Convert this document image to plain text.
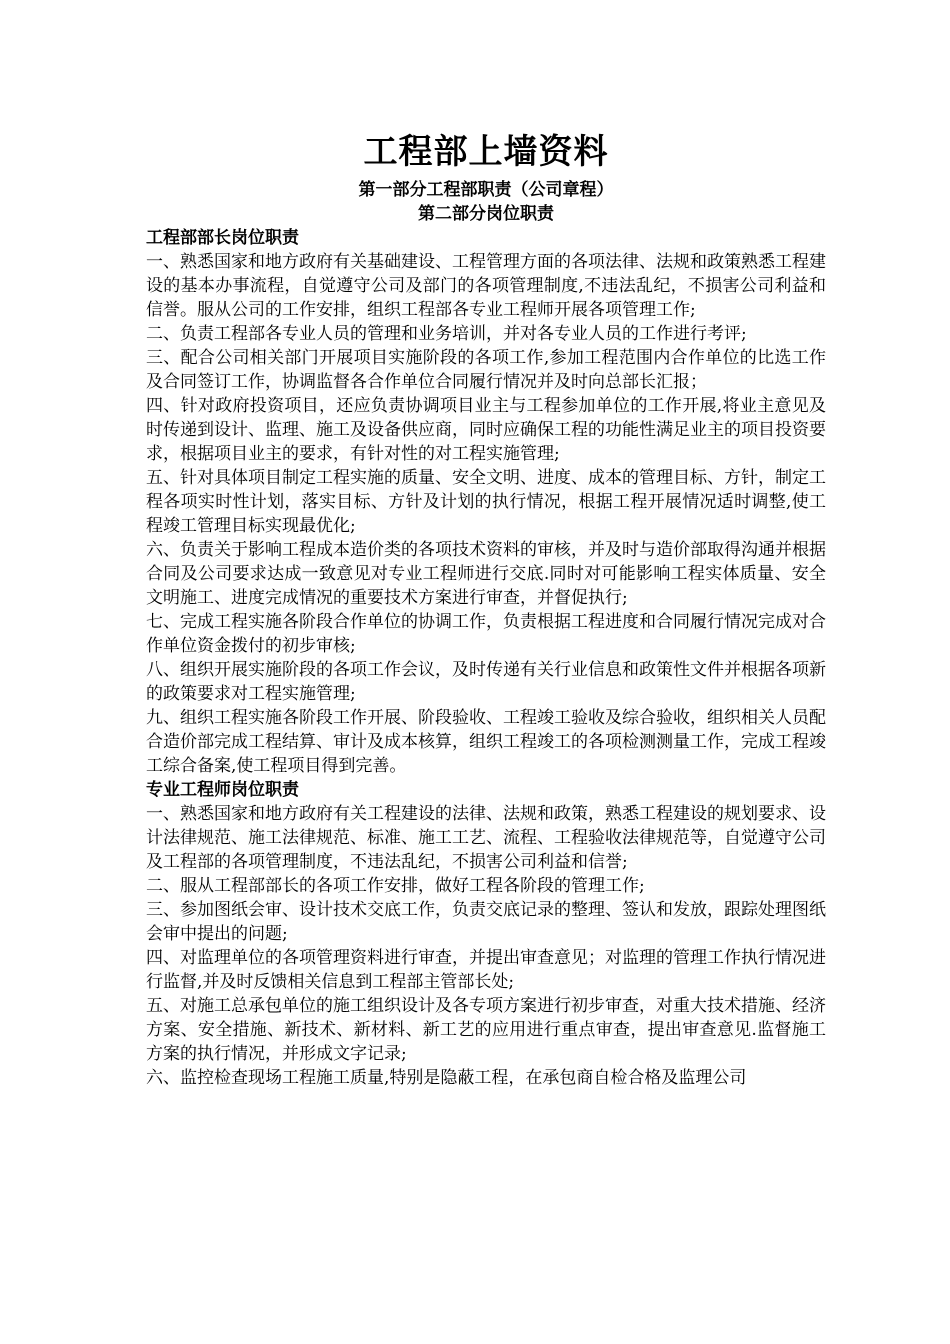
工程部上墙资料
第一部分工程部职责（公司章程）
第二部分岗位职责
工程部部长岗位职责

一、熟悉国家和地方政府有关基础建设、工程管理方面的各项法律、法规和政策熟悉工程建设的基本办事流程，自觉遵守公司及部门的各项管理制度,不违法乱纪，不损害公司利益和信誉。服从公司的工作安排，组织工程部各专业工程师开展各项管理工作;

二、负责工程部各专业人员的管理和业务培训，并对各专业人员的工作进行考评;

三、配合公司相关部门开展项目实施阶段的各项工作,参加工程范围内合作单位的比选工作及合同签订工作，协调监督各合作单位合同履行情况并及时向总部长汇报；

四、针对政府投资项目，还应负责协调项目业主与工程参加单位的工作开展,将业主意见及时传递到设计、监理、施工及设备供应商，同时应确保工程的功能性满足业主的项目投资要求，根据项目业主的要求，有针对性的对工程实施管理;

五、针对具体项目制定工程实施的质量、安全文明、进度、成本的管理目标、方针，制定工程各项实时性计划，落实目标、方针及计划的执行情况，根据工程开展情况适时调整,使工程竣工管理目标实现最优化;

六、负责关于影响工程成本造价类的各项技术资料的审核，并及时与造价部取得沟通并根据合同及公司要求达成一致意见对专业工程师进行交底.同时对可能影响工程实体质量、安全文明施工、进度完成情况的重要技术方案进行审查，并督促执行;

七、完成工程实施各阶段合作单位的协调工作，负责根据工程进度和合同履行情况完成对合作单位资金拨付的初步审核;

八、组织开展实施阶段的各项工作会议，及时传递有关行业信息和政策性文件并根据各项新的政策要求对工程实施管理;

九、组织工程实施各阶段工作开展、阶段验收、工程竣工验收及综合验收，组织相关人员配合造价部完成工程结算、审计及成本核算，组织工程竣工的各项检测测量工作，完成工程竣工综合备案,使工程项目得到完善。

专业工程师岗位职责

一、熟悉国家和地方政府有关工程建设的法律、法规和政策，熟悉工程建设的规划要求、设计法律规范、施工法律规范、标准、施工工艺、流程、工程验收法律规范等，自觉遵守公司及工程部的各项管理制度，不违法乱纪，不损害公司利益和信誉;

二、服从工程部部长的各项工作安排，做好工程各阶段的管理工作;

三、参加图纸会审、设计技术交底工作，负责交底记录的整理、签认和发放，跟踪处理图纸会审中提出的问题;

四、对监理单位的各项管理资料进行审查，并提出审查意见；对监理的管理工作执行情况进行监督,并及时反馈相关信息到工程部主管部长处;

五、对施工总承包单位的施工组织设计及各专项方案进行初步审查，对重大技术措施、经济方案、安全措施、新技术、新材料、新工艺的应用进行重点审查，提出审查意见.监督施工方案的执行情况，并形成文字记录;

六、监控检查现场工程施工质量,特别是隐蔽工程，在承包商自检合格及监理公司
